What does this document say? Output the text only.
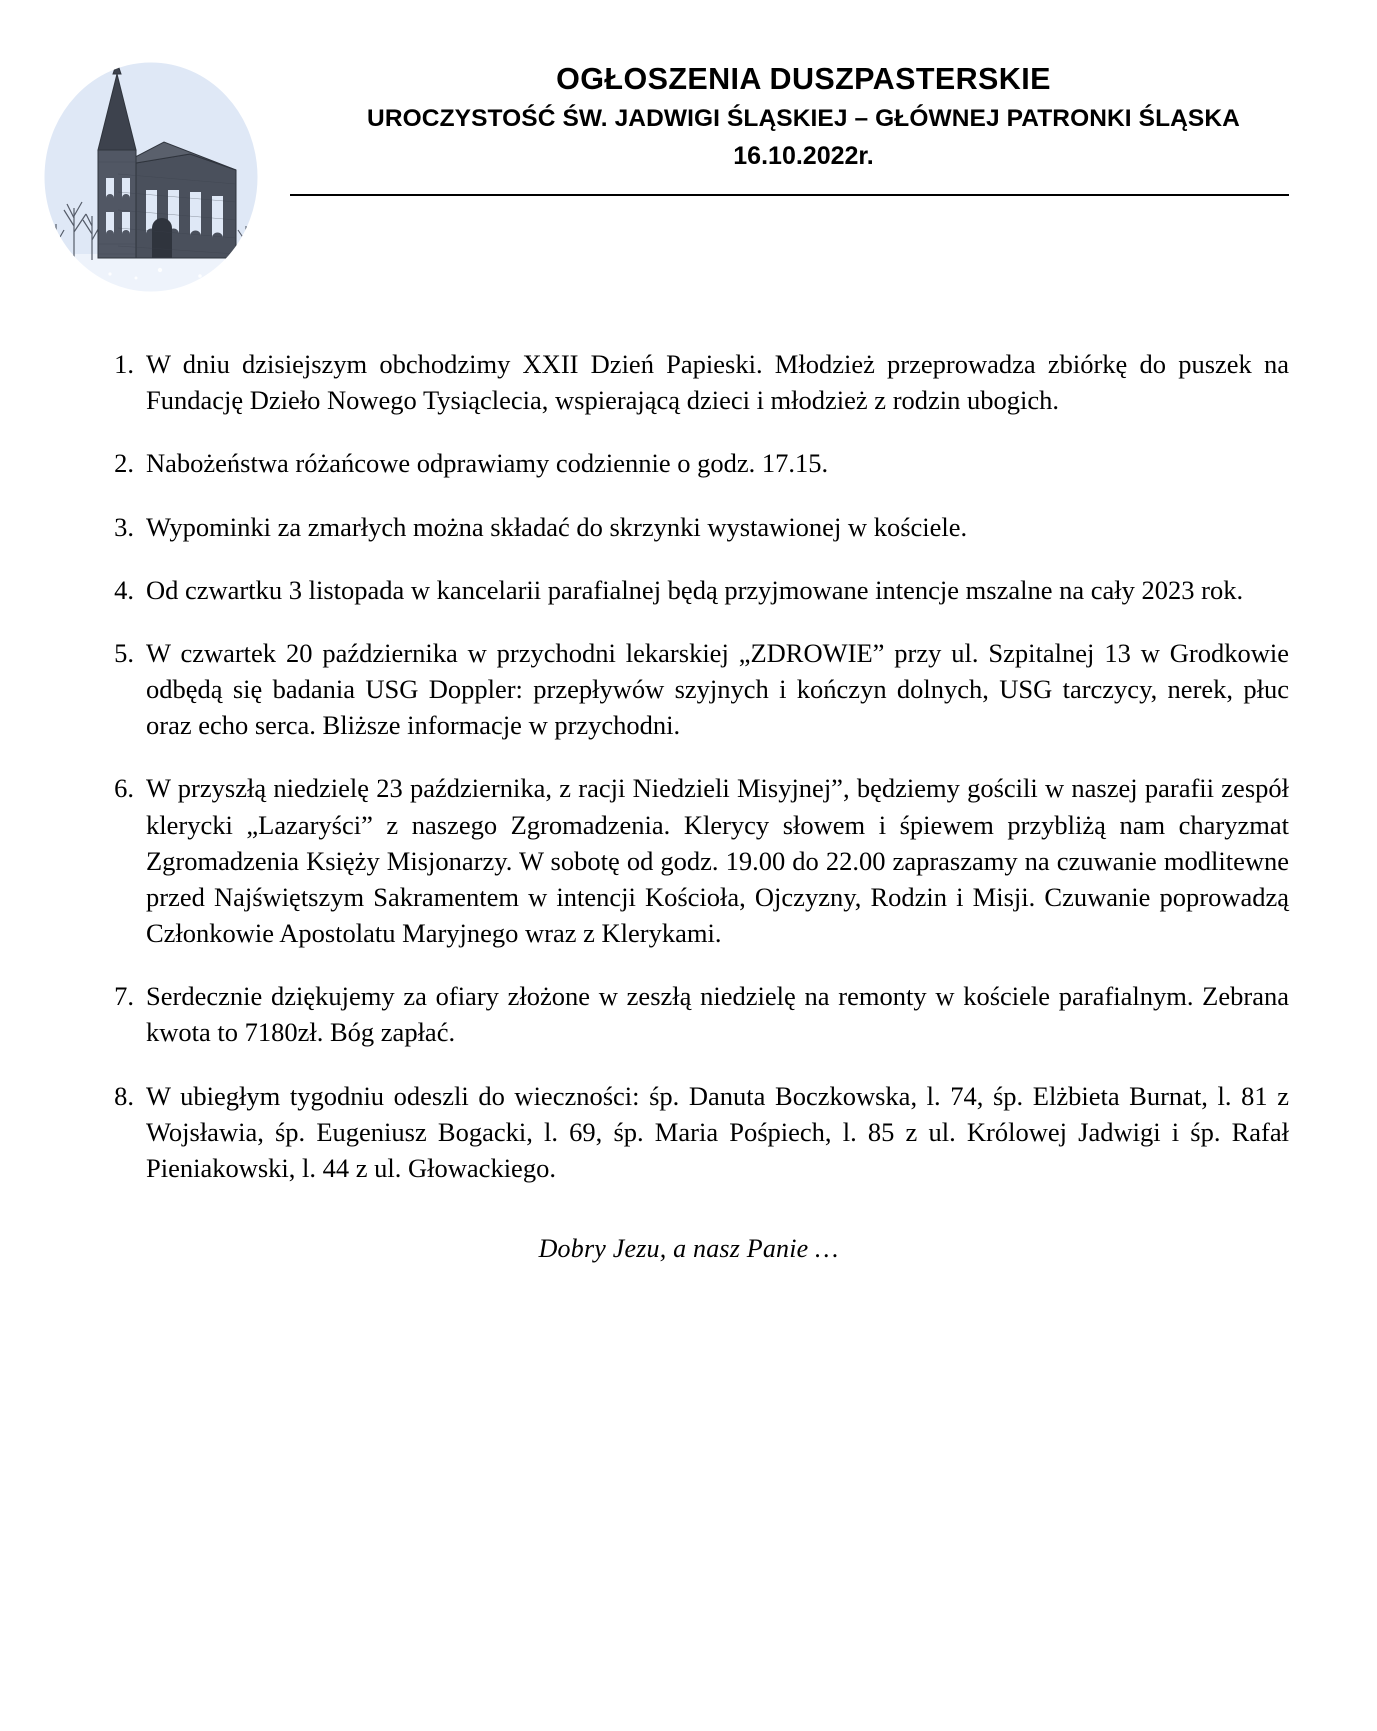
OGŁOSZENIA DUSZPASTERSKIE
UROCZYSTOŚĆ ŚW. JADWIGI ŚLĄSKIEJ – GŁÓWNEJ PATRONKI ŚLĄSKA
16.10.2022r.
W dniu dzisiejszym obchodzimy XXII Dzień Papieski. Młodzież przeprowadza zbiórkę do puszek na Fundację Dzieło Nowego Tysiąclecia, wspierającą dzieci i młodzież z rodzin ubogich.
Nabożeństwa różańcowe odprawiamy codziennie o godz. 17.15.
Wypominki za zmarłych można składać do skrzynki wystawionej w kościele.
Od czwartku 3 listopada w kancelarii parafialnej będą przyjmowane intencje mszalne na cały 2023 rok.
W czwartek 20 października w przychodni lekarskiej „ZDROWIE” przy ul. Szpitalnej 13 w Grodkowie odbędą się badania USG Doppler: przepływów szyjnych i kończyn dolnych, USG tarczycy, nerek, płuc oraz echo serca. Bliższe informacje w przychodni.
W przyszłą niedzielę 23 października, z racji Niedzieli Misyjnej”, będziemy gościli w naszej parafii zespół klerycki „Lazaryści” z naszego Zgromadzenia. Klerycy słowem i śpiewem przybliżą nam charyzmat Zgromadzenia Księży Misjonarzy. W sobotę od godz. 19.00 do 22.00 zapraszamy na czuwanie modlitewne przed Najświętszym Sakramentem w intencji Kościoła, Ojczyzny, Rodzin i Misji. Czuwanie poprowadzą Członkowie Apostolatu Maryjnego wraz z Klerykami.
Serdecznie dziękujemy za ofiary złożone w zeszłą niedzielę na remonty w kościele parafialnym. Zebrana kwota to 7180zł. Bóg zapłać.
W ubiegłym tygodniu odeszli do wieczności: śp. Danuta Boczkowska, l. 74, śp. Elżbieta Burnat, l. 81 z Wojsławia, śp. Eugeniusz Bogacki, l. 69, śp. Maria Pośpiech, l. 85 z ul. Królowej Jadwigi i śp. Rafał Pieniakowski, l. 44 z ul. Głowackiego.
Dobry Jezu, a nasz Panie …
